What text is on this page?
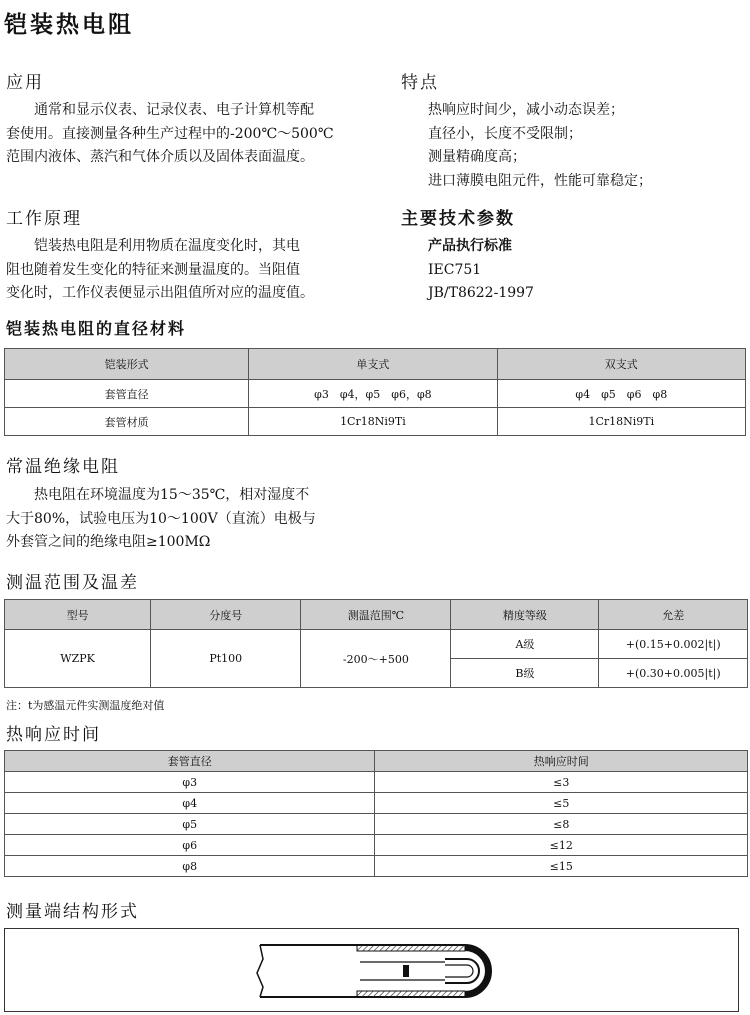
铠装热电阻
应用
通常和显示仪表、记录仪表、电子计算机等配
套使用。直接测量各种生产过程中的-200℃～500℃
范围内液体、蒸汽和气体介质以及固体表面温度。
工作原理
铠装热电阻是利用物质在温度变化时，其电
阻也随着发生变化的特征来测量温度的。当阻值
变化时，工作仪表便显示出阻值所对应的温度值。
特点
热响应时间少，减小动态误差；
直径小，长度不受限制；
测量精确度高；
进口薄膜电阻元件，性能可靠稳定；
主要技术参数
产品执行标准
IEC751
JB/T8622-1997
铠装热电阻的直径材料
铠装形式	单支式	双支式
套管直径	φ3　φ4，φ5　φ6，φ8	φ4　φ5　φ6　φ8
套管材质	1Cr18Ni9Ti	1Cr18Ni9Ti
常温绝缘电阻
热电阻在环境温度为15～35℃，相对湿度不
大于80%，试验电压为10～100V（直流）电极与
外套管之间的绝缘电阻≥100MΩ
测温范围及温差
型号	分度号	测温范围℃	精度等级	允差
WZPK	Pt100	-200～+500	A级	+(0.15+0.002|t|)
			B级	+(0.30+0.005|t|)
注：t为感温元件实测温度绝对值
热响应时间
套管直径	热响应时间
φ3	≤3
φ4	≤5
φ5	≤8
φ6	≤12
φ8	≤15
测量端结构形式
